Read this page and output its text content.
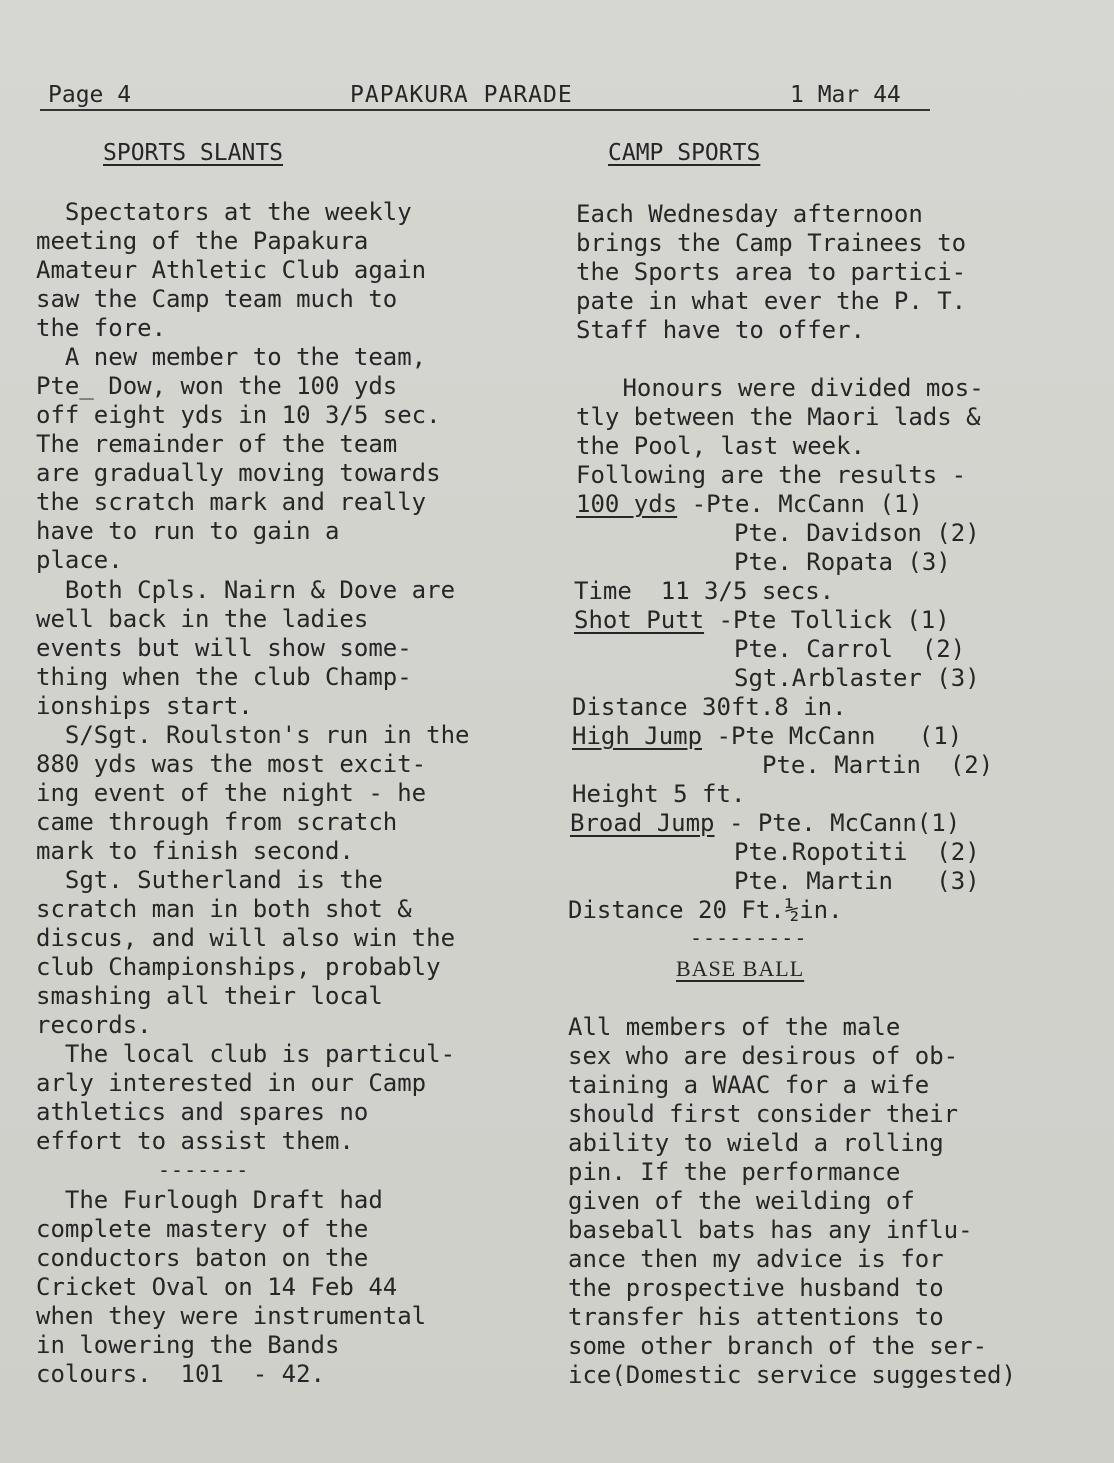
Page 4	PAPAKURA PARADE	1 Mar 44
SPORTS SLANTS	CAMP SPORTS
Spectators at the weekly
meeting of the Papakura
Amateur Athletic Club again
saw the Camp team much to
the fore.
A new member to the team,
Pte_ Dow, won the 100 yds
off eight yds in 10 3/5 sec.
The remainder of the team
are gradually moving towards
the scratch mark and really
have to run to gain a
place.
Both Cpls. Nairn & Dove are
well back in the ladies
events but will show some-
thing when the club Champ-
ionships start.
S/Sgt. Roulston's run in the
880 yds was the most excit-
ing event of the night - he
came through from scratch
mark to finish second.
Sgt. Sutherland is the
scratch man in both shot &
discus, and will also win the
club Championships, probably
smashing all their local
records.
The local club is particul-
arly interested in our Camp
athletics and spares no
effort to assist them.
-------
The Furlough Draft had
complete mastery of the
conductors baton on the
Cricket Oval on 14 Feb 44
when they were instrumental
in lowering the Bands
colours.  101  - 42.
Each Wednesday afternoon
brings the Camp Trainees to
the Sports area to partici-
pate in what ever the P. T.
Staff have to offer.
Honours were divided mos-
tly between the Maori lads &
the Pool, last week.
Following are the results -
100 yds -Pte. McCann (1)
Pte. Davidson (2)
Pte. Ropata (3)
Time  11 3/5 secs.
Shot Putt -Pte Tollick (1)
Pte. Carrol  (2)
Sgt.Arblaster (3)
Distance 30ft.8 in.
High Jump -Pte McCann   (1)
Pte. Martin  (2)
Height 5 ft.
Broad Jump - Pte. McCann(1)
Pte.Ropotiti  (2)
Pte. Martin   (3)
Distance 20 Ft.½in.
---------
BASE BALL
All members of the male
sex who are desirous of ob-
taining a WAAC for a wife
should first consider their
ability to wield a rolling
pin. If the performance
given of the weilding of
baseball bats has any influ-
ance then my advice is for
the prospective husband to
transfer his attentions to
some other branch of the ser-
ice(Domestic service suggested)
